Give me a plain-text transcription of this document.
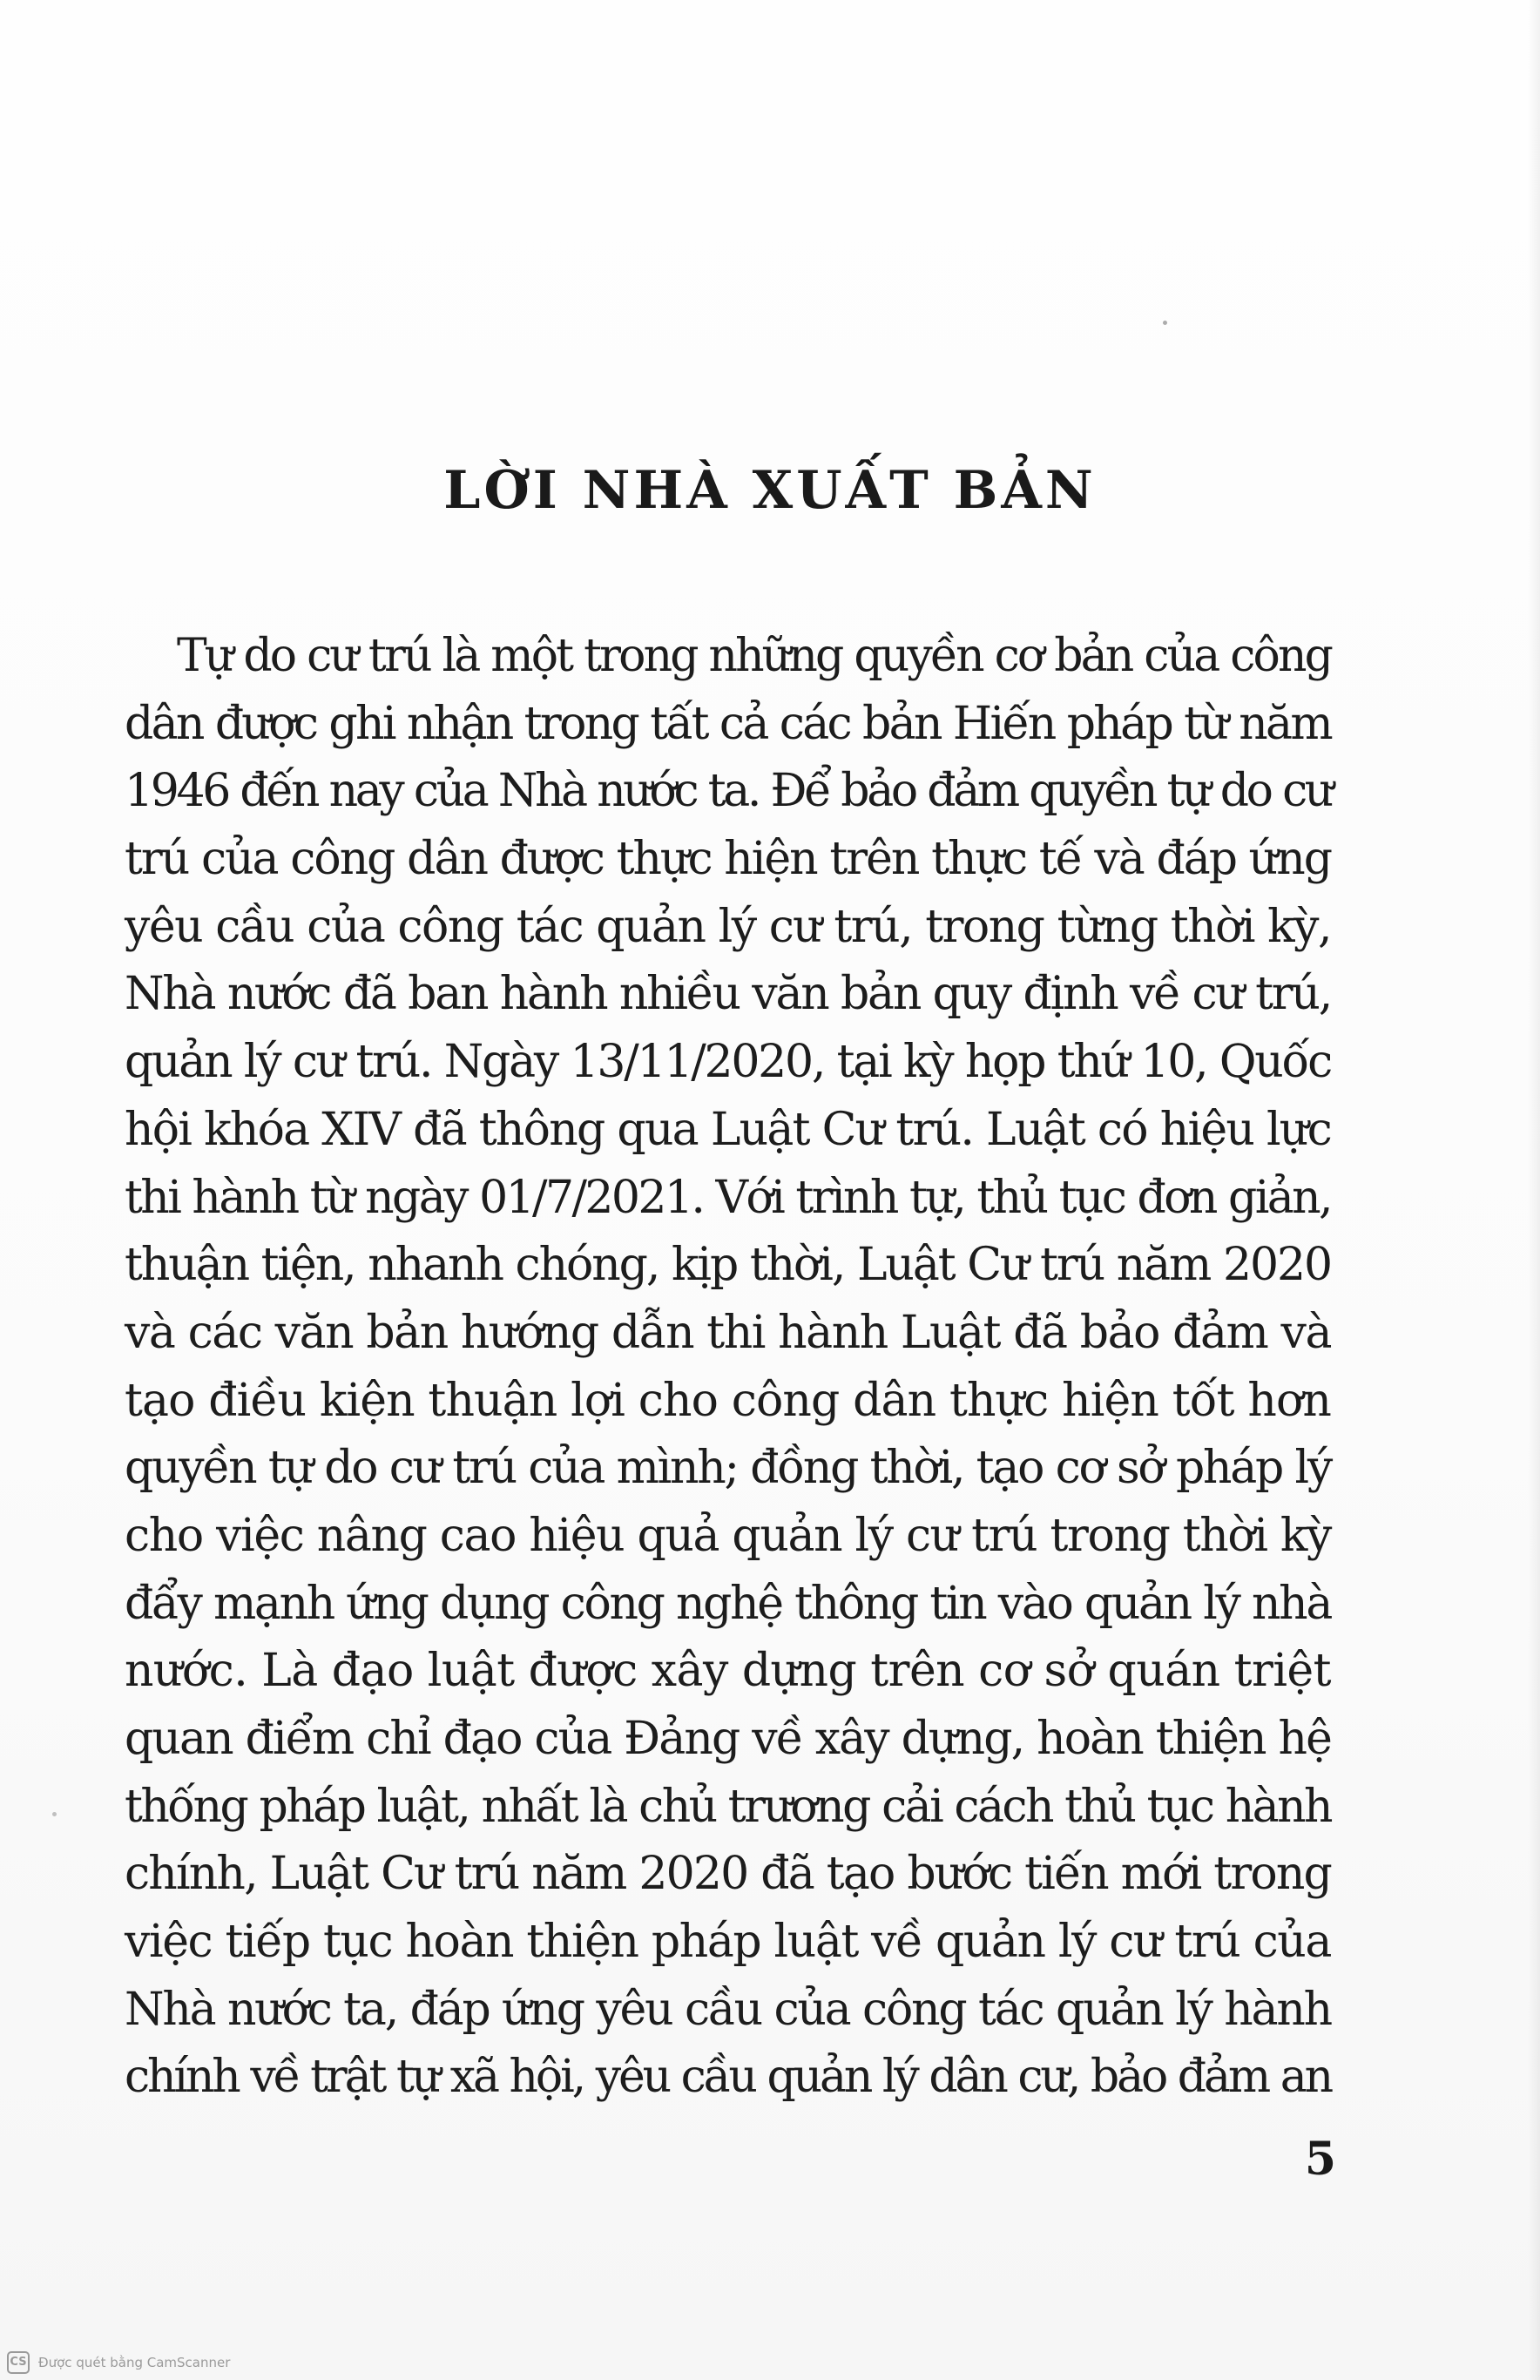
LỜI NHÀ XUẤT BẢN
Tự do cư trú là một trong những quyền cơ bản của công
dân được ghi nhận trong tất cả các bản Hiến pháp từ năm
1946 đến nay của Nhà nước ta. Để bảo đảm quyền tự do cư
trú của công dân được thực hiện trên thực tế và đáp ứng
yêu cầu của công tác quản lý cư trú, trong từng thời kỳ,
Nhà nước đã ban hành nhiều văn bản quy định về cư trú,
quản lý cư trú. Ngày 13/11/2020, tại kỳ họp thứ 10, Quốc
hội khóa XIV đã thông qua Luật Cư trú. Luật có hiệu lực
thi hành từ ngày 01/7/2021. Với trình tự, thủ tục đơn giản,
thuận tiện, nhanh chóng, kịp thời, Luật Cư trú năm 2020
và các văn bản hướng dẫn thi hành Luật đã bảo đảm và
tạo điều kiện thuận lợi cho công dân thực hiện tốt hơn
quyền tự do cư trú của mình; đồng thời, tạo cơ sở pháp lý
cho việc nâng cao hiệu quả quản lý cư trú trong thời kỳ
đẩy mạnh ứng dụng công nghệ thông tin vào quản lý nhà
nước. Là đạo luật được xây dựng trên cơ sở quán triệt
quan điểm chỉ đạo của Đảng về xây dựng, hoàn thiện hệ
thống pháp luật, nhất là chủ trương cải cách thủ tục hành
chính, Luật Cư trú năm 2020 đã tạo bước tiến mới trong
việc tiếp tục hoàn thiện pháp luật về quản lý cư trú của
Nhà nước ta, đáp ứng yêu cầu của công tác quản lý hành
chính về trật tự xã hội, yêu cầu quản lý dân cư, bảo đảm an

5

CS Được quét bằng CamScanner
